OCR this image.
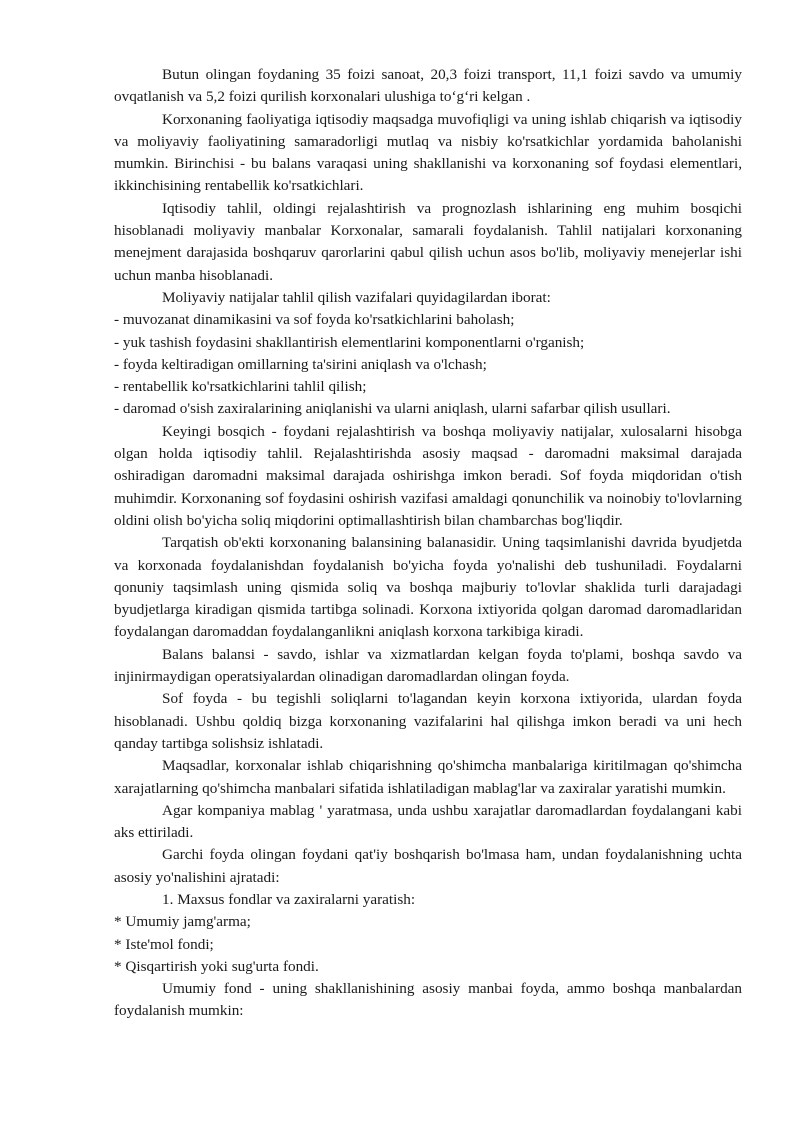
Butun olingan foydaning 35 foizi sanoat, 20,3 foizi transport, 11,1 foizi savdo va umumiy ovqatlanish va 5,2 foizi qurilish korxonalari ulushiga to‘g‘ri kelgan .

Korxonaning faoliyatiga iqtisodiy maqsadga muvofiqligi va uning ishlab chiqarish va iqtisodiy va moliyaviy faoliyatining samaradorligi mutlaq va nisbiy ko'rsatkichlar yordamida baholanishi mumkin. Birinchisi - bu balans varaqasi uning shakllanishi va korxonaning sof foydasi elementlari, ikkinchisining rentabellik ko'rsatkichlari.

Iqtisodiy tahlil, oldingi rejalashtirish va prognozlash ishlarining eng muhim bosqichi hisoblanadi moliyaviy manbalar Korxonalar, samarali foydalanish. Tahlil natijalari korxonaning menejment darajasida boshqaruv qarorlarini qabul qilish uchun asos bo'lib, moliyaviy menejerlar ishi uchun manba hisoblanadi.

Moliyaviy natijalar tahlil qilish vazifalari quyidagilardan iborat:

- muvozanat dinamikasini va sof foyda ko'rsatkichlarini baholash;

- yuk tashish foydasini shakllantirish elementlarini komponentlarni o'rganish;

- foyda keltiradigan omillarning ta'sirini aniqlash va o'lchash;

- rentabellik ko'rsatkichlarini tahlil qilish;

- daromad o'sish zaxiralarining aniqlanishi va ularni aniqlash, ularni safarbar qilish usullari.

Keyingi bosqich - foydani rejalashtirish va boshqa moliyaviy natijalar, xulosalarni hisobga olgan holda iqtisodiy tahlil. Rejalashtirishda asosiy maqsad - daromadni maksimal darajada oshiradigan daromadni maksimal darajada oshirishga imkon beradi. Sof foyda miqdoridan o'tish muhimdir. Korxonaning sof foydasini oshirish vazifasi amaldagi qonunchilik va noinobiy to'lovlarning oldini olish bo'yicha soliq miqdorini optimallashtirish bilan chambarchas bog'liqdir.

Tarqatish ob'ekti korxonaning balansining balanasidir. Uning taqsimlanishi davrida byudjetda va korxonada foydalanishdan foydalanish bo'yicha foyda yo'nalishi deb tushuniladi. Foydalarni qonuniy taqsimlash uning qismida soliq va boshqa majburiy to'lovlar shaklida turli darajadagi byudjetlarga kiradigan qismida tartibga solinadi. Korxona ixtiyorida qolgan daromad daromadlaridan foydalangan daromaddan foydalanganlikni aniqlash korxona tarkibiga kiradi.

Balans balansi - savdo, ishlar va xizmatlardan kelgan foyda to'plami, boshqa savdo va injinirmaydigan operatsiyalardan olinadigan daromadlardan olingan foyda.

Sof foyda - bu tegishli soliqlarni to'lagandan keyin korxona ixtiyorida, ulardan foyda hisoblanadi. Ushbu qoldiq bizga korxonaning vazifalarini hal qilishga imkon beradi va uni hech qanday tartibga solishsiz ishlatadi.

Maqsadlar, korxonalar ishlab chiqarishning qo'shimcha manbalariga kiritilmagan qo'shimcha xarajatlarning qo'shimcha manbalari sifatida ishlatiladigan mablag'lar va zaxiralar yaratishi mumkin.

Agar kompaniya mablag ' yaratmasa, unda ushbu xarajatlar daromadlardan foydalangani kabi aks ettiriladi.

Garchi foyda olingan foydani qat'iy boshqarish bo'lmasa ham, undan foydalanishning uchta asosiy yo'nalishini ajratadi:

1. Maxsus fondlar va zaxiralarni yaratish:

* Umumiy jamg'arma;

* Iste'mol fondi;

* Qisqartirish yoki sug'urta fondi.

Umumiy fond - uning shakllanishining asosiy manbai foyda, ammo boshqa manbalardan foydalanish mumkin:
